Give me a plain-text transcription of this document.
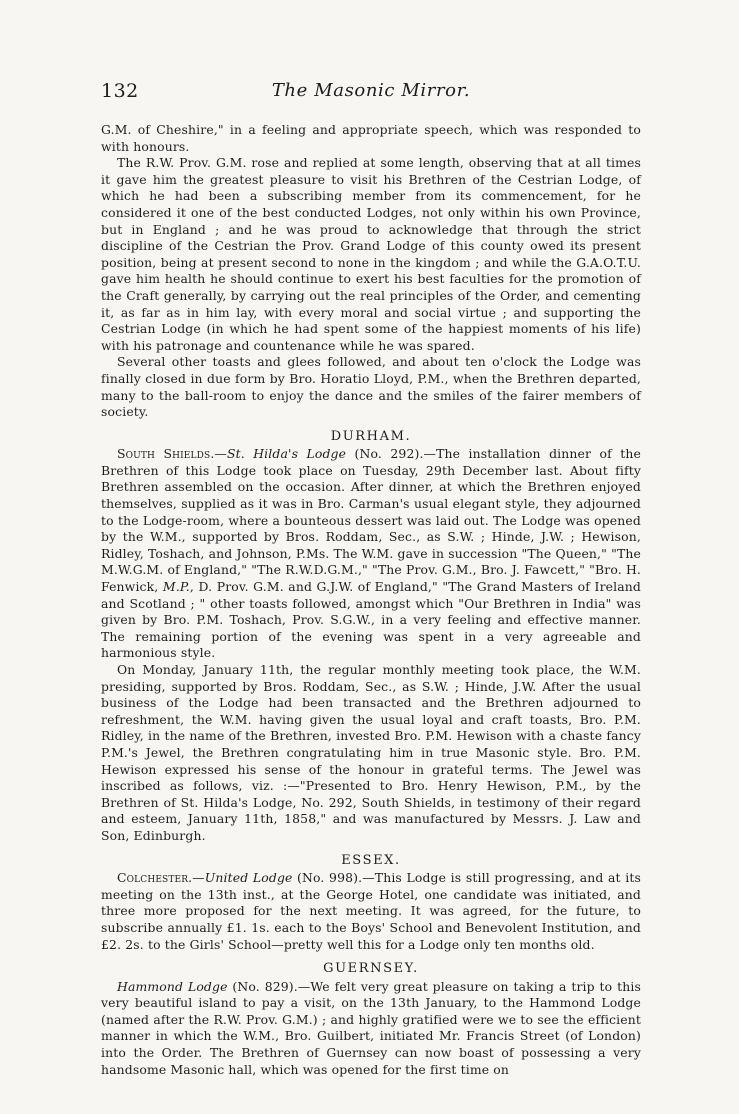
132	The Masonic Mirror.

G.M. of Cheshire," in a feeling and appropriate speech, which was responded to with honours.

The R.W. Prov. G.M. rose and replied at some length, observing that at all times it gave him the greatest pleasure to visit his Brethren of the Cestrian Lodge, of which he had been a subscribing member from its commencement, for he considered it one of the best conducted Lodges, not only within his own Province, but in England ; and he was proud to acknowledge that through the strict discipline of the Cestrian the Prov. Grand Lodge of this county owed its present position, being at present second to none in the kingdom ; and while the G.A.O.T.U. gave him health he should continue to exert his best faculties for the promotion of the Craft generally, by carrying out the real principles of the Order, and cementing it, as far as in him lay, with every moral and social virtue ; and supporting the Cestrian Lodge (in which he had spent some of the happiest moments of his life) with his patronage and countenance while he was spared.

Several other toasts and glees followed, and about ten o'clock the Lodge was finally closed in due form by Bro. Horatio Lloyd, P.M., when the Brethren departed, many to the ball-room to enjoy the dance and the smiles of the fairer members of society.

DURHAM.

South Shields.—St. Hilda's Lodge (No. 292).—The installation dinner of the Brethren of this Lodge took place on Tuesday, 29th December last. About fifty Brethren assembled on the occasion. After dinner, at which the Brethren enjoyed themselves, supplied as it was in Bro. Carman's usual elegant style, they adjourned to the Lodge-room, where a bounteous dessert was laid out. The Lodge was opened by the W.M., supported by Bros. Roddam, Sec., as S.W. ; Hinde, J.W. ; Hewison, Ridley, Toshach, and Johnson, P.Ms. The W.M. gave in succession "The Queen," "The M.W.G.M. of England," "The R.W.D.G.M.," "The Prov. G.M., Bro. J. Fawcett," "Bro. H. Fenwick, M.P., D. Prov. G.M. and G.J.W. of England," "The Grand Masters of Ireland and Scotland ; " other toasts followed, amongst which "Our Brethren in India" was given by Bro. P.M. Toshach, Prov. S.G.W., in a very feeling and effective manner. The remaining portion of the evening was spent in a very agreeable and harmonious style.

On Monday, January 11th, the regular monthly meeting took place, the W.M. presiding, supported by Bros. Roddam, Sec., as S.W. ; Hinde, J.W. After the usual business of the Lodge had been transacted and the Brethren adjourned to refreshment, the W.M. having given the usual loyal and craft toasts, Bro. P.M. Ridley, in the name of the Brethren, invested Bro. P.M. Hewison with a chaste fancy P.M.'s Jewel, the Brethren congratulating him in true Masonic style. Bro. P.M. Hewison expressed his sense of the honour in grateful terms. The Jewel was inscribed as follows, viz. :—"Presented to Bro. Henry Hewison, P.M., by the Brethren of St. Hilda's Lodge, No. 292, South Shields, in testimony of their regard and esteem, January 11th, 1858," and was manufactured by Messrs. J. Law and Son, Edinburgh.

ESSEX.

Colchester.—United Lodge (No. 998).—This Lodge is still progressing, and at its meeting on the 13th inst., at the George Hotel, one candidate was initiated, and three more proposed for the next meeting. It was agreed, for the future, to subscribe annually £1. 1s. each to the Boys' School and Benevolent Institution, and £2. 2s. to the Girls' School—pretty well this for a Lodge only ten months old.

GUERNSEY.

Hammond Lodge (No. 829).—We felt very great pleasure on taking a trip to this very beautiful island to pay a visit, on the 13th January, to the Hammond Lodge (named after the R.W. Prov. G.M.) ; and highly gratified were we to see the efficient manner in which the W.M., Bro. Guilbert, initiated Mr. Francis Street (of London) into the Order. The Brethren of Guernsey can now boast of possessing a very handsome Masonic hall, which was opened for the first time on
